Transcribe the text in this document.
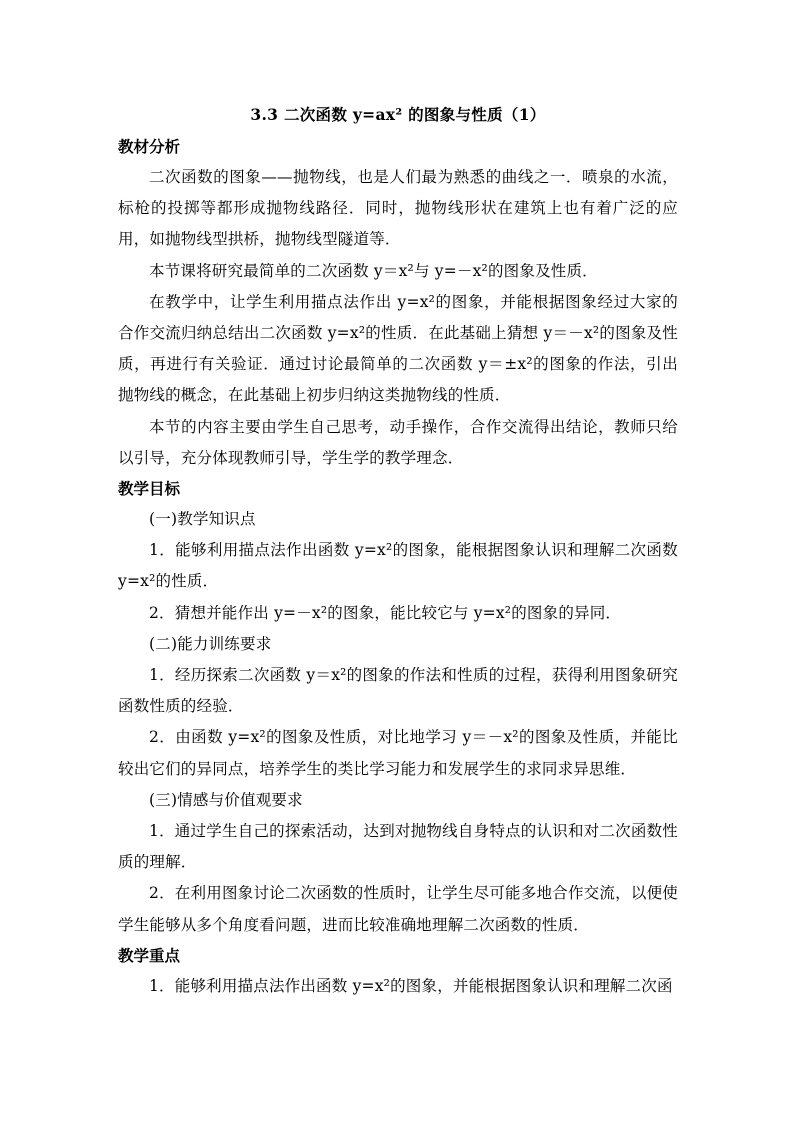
3.3 二次函数 y=ax² 的图象与性质（1）
教材分析

二次函数的图象——抛物线，也是人们最为熟悉的曲线之一．喷泉的水流，标枪的投掷等都形成抛物线路径．同时，抛物线形状在建筑上也有着广泛的应用，如抛物线型拱桥，抛物线型隧道等．

本节课将研究最简单的二次函数 y＝x²与 y=－x²的图象及性质．

在教学中，让学生利用描点法作出 y=x²的图象，并能根据图象经过大家的合作交流归纳总结出二次函数 y=x²的性质．在此基础上猜想 y＝－x²的图象及性质，再进行有关验证．通过讨论最简单的二次函数 y＝±x²的图象的作法，引出抛物线的概念，在此基础上初步归纳这类抛物线的性质．

本节的内容主要由学生自己思考，动手操作，合作交流得出结论，教师只给以引导，充分体现教师引导，学生学的教学理念．

教学目标

(一)教学知识点

1．能够利用描点法作出函数 y=x²的图象，能根据图象认识和理解二次函数 y=x²的性质．

2．猜想并能作出 y=－x²的图象，能比较它与 y=x²的图象的异同．

(二)能力训练要求

1．经历探索二次函数 y＝x²的图象的作法和性质的过程，获得利用图象研究函数性质的经验．

2．由函数 y=x²的图象及性质，对比地学习 y＝－x²的图象及性质，并能比较出它们的异同点，培养学生的类比学习能力和发展学生的求同求异思维．

(三)情感与价值观要求

1．通过学生自己的探索活动，达到对抛物线自身特点的认识和对二次函数性质的理解．

2．在利用图象讨论二次函数的性质时，让学生尽可能多地合作交流，以便使学生能够从多个角度看问题，进而比较准确地理解二次函数的性质．

教学重点

1．能够利用描点法作出函数 y=x²的图象，并能根据图象认识和理解二次函
